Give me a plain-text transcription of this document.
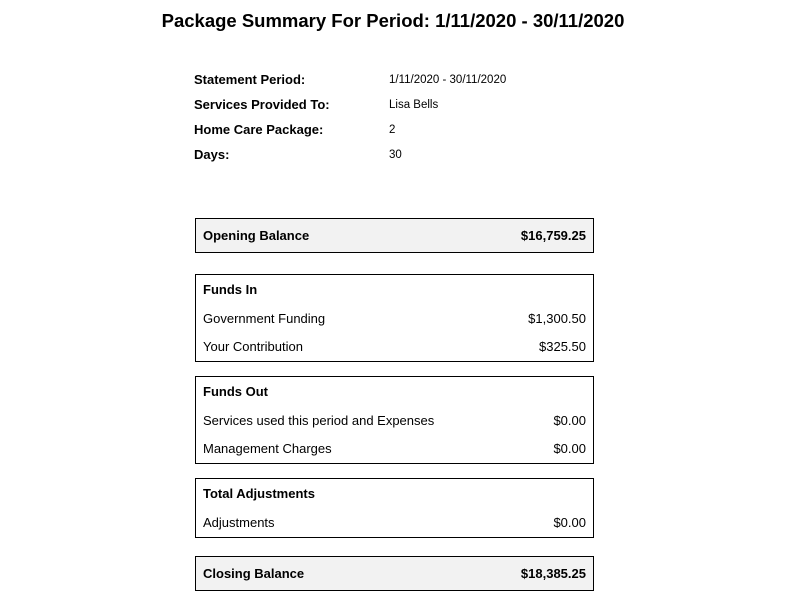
Package Summary For Period: 1/11/2020 - 30/11/2020
Statement Period:	1/11/2020 - 30/11/2020
Services Provided To:	Lisa Bells
Home Care Package:	2
Days:	30
Opening Balance	$16,759.25
Funds In
Government Funding	$1,300.50
Your Contribution	$325.50
Funds Out
Services used this period and Expenses	$0.00
Management Charges	$0.00
Total Adjustments
Adjustments	$0.00
Closing Balance	$18,385.25
